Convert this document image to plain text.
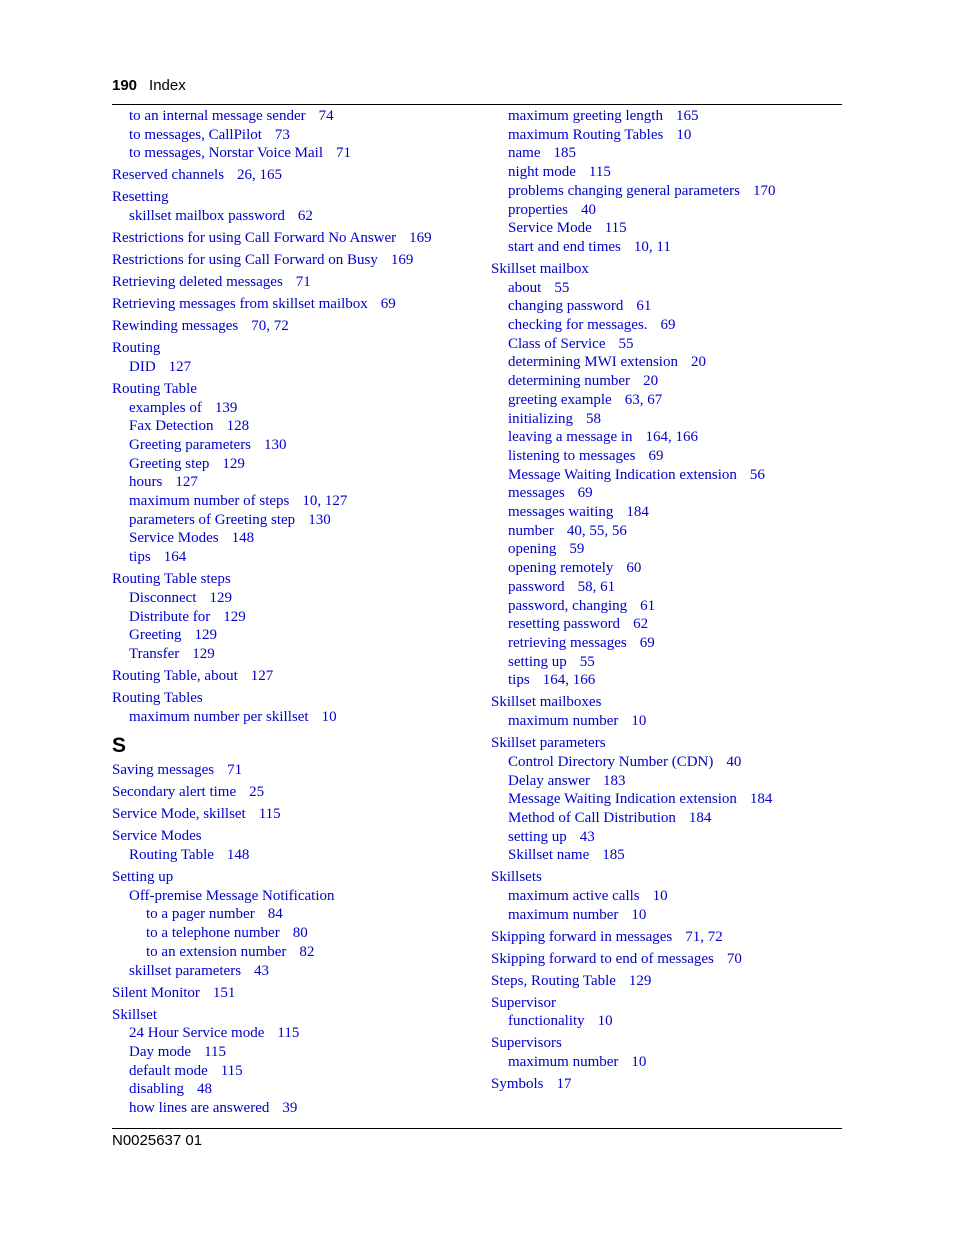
190 Index
to an internal message sender 74
to messages, CallPilot 73
to messages, Norstar Voice Mail 71
Reserved channels 26, 165
Resetting
skillset mailbox password 62
Restrictions for using Call Forward No Answer 169
Restrictions for using Call Forward on Busy 169
Retrieving deleted messages 71
Retrieving messages from skillset mailbox 69
Rewinding messages 70, 72
Routing
DID 127
Routing Table
examples of 139
Fax Detection 128
Greeting parameters 130
Greeting step 129
hours 127
maximum number of steps 10, 127
parameters of Greeting step 130
Service Modes 148
tips 164
Routing Table steps
Disconnect 129
Distribute for 129
Greeting 129
Transfer 129
Routing Table, about 127
Routing Tables
maximum number per skillset 10
S
Saving messages 71
Secondary alert time 25
Service Mode, skillset 115
Service Modes
Routing Table 148
Setting up
Off-premise Message Notification
to a pager number 84
to a telephone number 80
to an extension number 82
skillset parameters 43
Silent Monitor 151
Skillset
24 Hour Service mode 115
Day mode 115
default mode 115
disabling 48
how lines are answered 39
maximum greeting length 165
maximum Routing Tables 10
name 185
night mode 115
problems changing general parameters 170
properties 40
Service Mode 115
start and end times 10, 11
Skillset mailbox
about 55
changing password 61
checking for messages. 69
Class of Service 55
determining MWI extension 20
determining number 20
greeting example 63, 67
initializing 58
leaving a message in 164, 166
listening to messages 69
Message Waiting Indication extension 56
messages 69
messages waiting 184
number 40, 55, 56
opening 59
opening remotely 60
password 58, 61
password, changing 61
resetting password 62
retrieving messages 69
setting up 55
tips 164, 166
Skillset mailboxes
maximum number 10
Skillset parameters
Control Directory Number (CDN) 40
Delay answer 183
Message Waiting Indication extension 184
Method of Call Distribution 184
setting up 43
Skillset name 185
Skillsets
maximum active calls 10
maximum number 10
Skipping forward in messages 71, 72
Skipping forward to end of messages 70
Steps, Routing Table 129
Supervisor
functionality 10
Supervisors
maximum number 10
Symbols 17
N0025637 01
